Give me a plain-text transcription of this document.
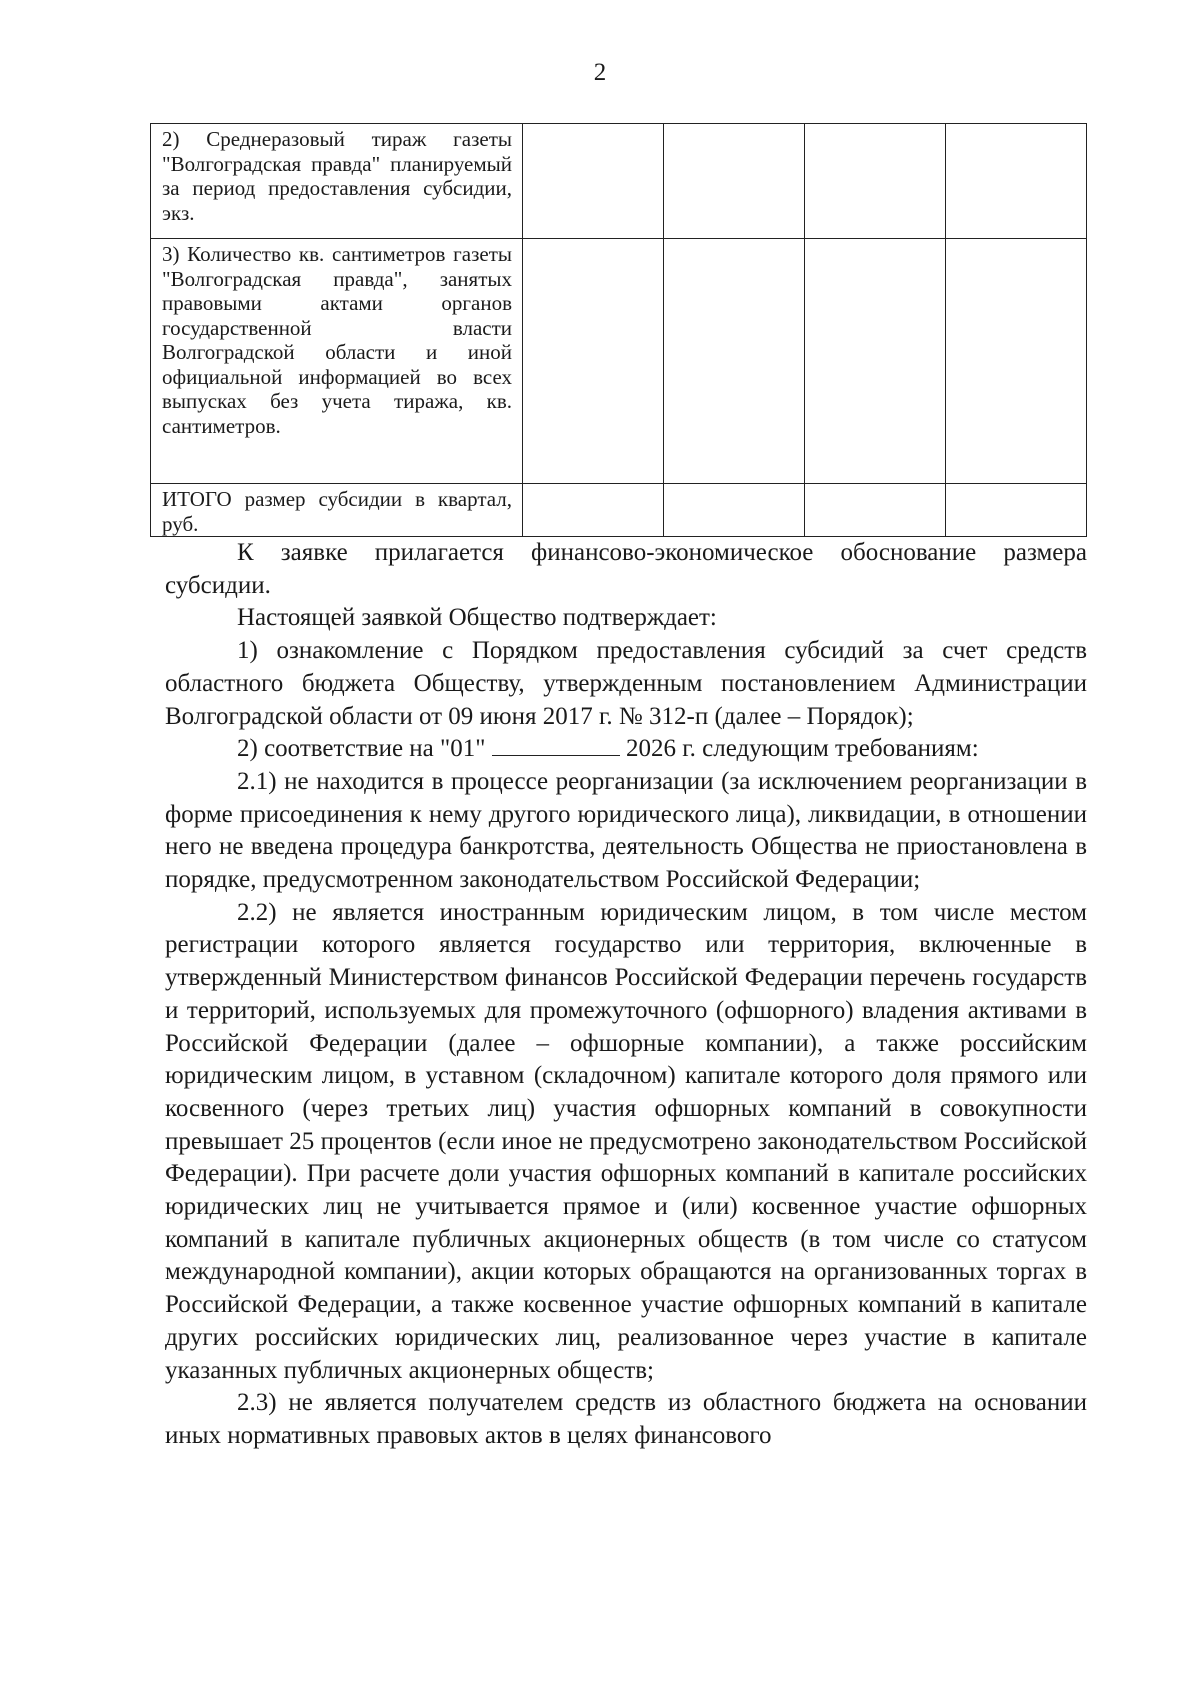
2
2) Среднеразовый тираж газеты "Волгоградская правда" планируемый за период предоставления субсидии, экз.				
3) Количество кв. сантиметров газеты "Волгоградская правда", занятых правовыми актами органов государственной власти Волгоградской области и иной официальной информацией во всех выпусках без учета тиража, кв. сантиметров.				
ИТОГО размер субсидии в квартал, руб.				

К заявке прилагается финансово-экономическое обоснование размера субсидии.

Настоящей заявкой Общество подтверждает:

1) ознакомление с Порядком предоставления субсидий за счет средств областного бюджета Обществу, утвержденным постановлением Администрации Волгоградской области от 09 июня 2017 г. № 312-п (далее – Порядок);

2) соответствие на "01"	2026 г. следующим требованиям:

2.1) не находится в процессе реорганизации (за исключением реорганизации в форме присоединения к нему другого юридического лица), ликвидации, в отношении него не введена процедура банкротства, деятельность Общества не приостановлена в порядке, предусмотренном законодательством Российской Федерации;

2.2) не является иностранным юридическим лицом, в том числе местом регистрации которого является государство или территория, включенные в утвержденный Министерством финансов Российской Федерации перечень государств и территорий, используемых для промежуточного (офшорного) владения активами в Российской Федерации (далее – офшорные компании), а также российским юридическим лицом, в уставном (складочном) капитале которого доля прямого или косвенного (через третьих лиц) участия офшорных компаний в совокупности превышает 25 процентов (если иное не предусмотрено законодательством Российской Федерации). При расчете доли участия офшорных компаний в капитале российских юридических лиц не учитывается прямое и (или) косвенное участие офшорных компаний в капитале публичных акционерных обществ (в том числе со статусом международной компании), акции которых обращаются на организованных торгах в Российской Федерации, а также косвенное участие офшорных компаний в капитале других российских юридических лиц, реализованное через участие в капитале указанных публичных акционерных обществ;

2.3) не является получателем средств из областного бюджета на основании иных нормативных правовых актов в целях финансового
